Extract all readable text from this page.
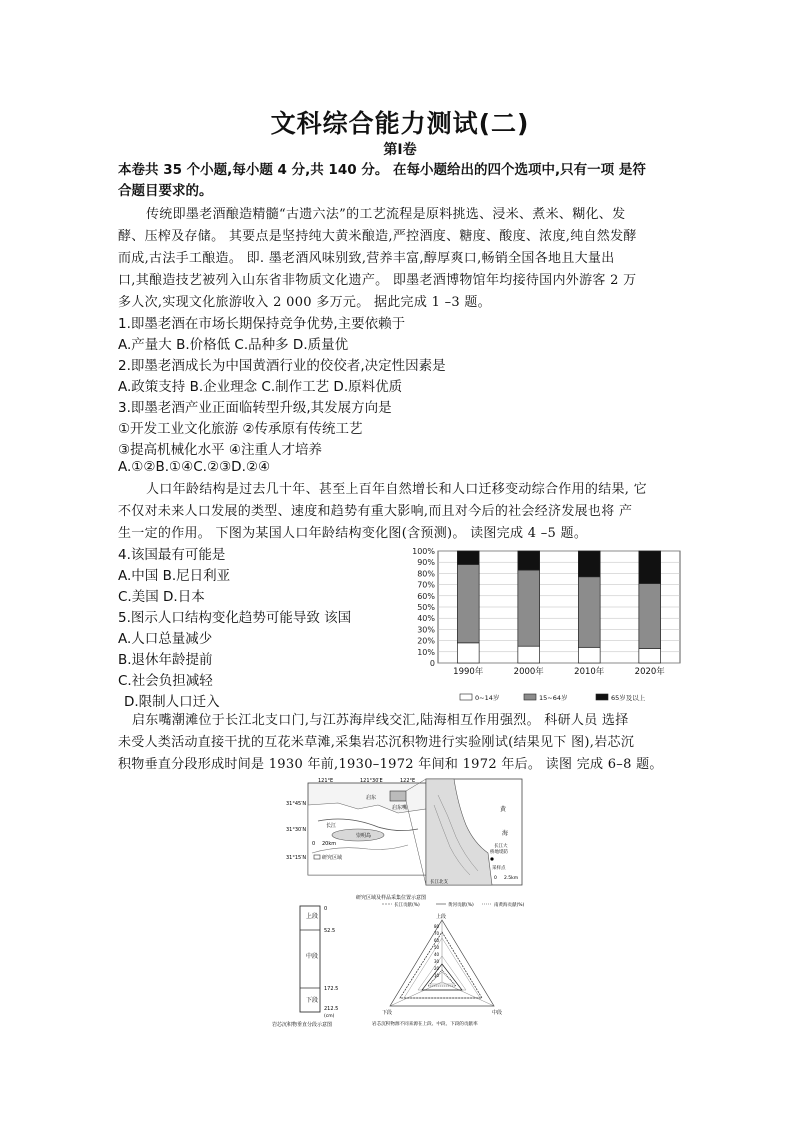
文科综合能力测试(二)
第Ⅰ卷
本卷共 35 个小题,每小题 4 分,共 140 分。 在每小题给出的四个选项中,只有一项 是符
合题目要求的。
传统即墨老酒酿造精髓“古遗六法”的工艺流程是原料挑选、浸米、煮米、糊化、发
酵、压榨及存储。 其要点是坚持纯大黄米酿造,严控酒度、糖度、酸度、浓度,纯自然发酵
而成,古法手工酿造。 即. 墨老酒风味别致,营养丰富,醇厚爽口,畅销全国各地且大量出
口,其酿造技艺被列入山东省非物质文化遗产。 即墨老酒博物馆年均接待国内外游客 2 万
多人次,实现文化旅游收入 2 000 多万元。 据此完成 1 –3 题。
1.即墨老酒在市场长期保持竞争优势,主要依赖于
A.产量大 B.价格低 C.品种多 D.质量优
2.即墨老酒成长为中国黄酒行业的佼佼者,决定性因素是
A.政策支持 B.企业理念 C.制作工艺 D.原料优质
3.即墨老酒产业正面临转型升级,其发展方向是
①开发工业文化旅游 ②传承原有传统工艺
③提高机械化水平 ④注重人才培养
A.①②B.①④C.②③D.②④
人口年龄结构是过去几十年、甚至上百年自然增长和人口迁移变动综合作用的结果, 它
不仅对未来人口发展的类型、速度和趋势有重大影响,而且对今后的社会经济发展也将 产
生一定的作用。 下图为某国人口年龄结构变化图(含预测)。 读图完成 4 –5 题。
4.该国最有可能是
A.中国 B.尼日利亚
C.美国 D.日本
5.图示人口结构变化趋势可能导致 该国
A.人口总量减少
B.退休年龄提前
C.社会负担减轻
D.限制人口迁入
0
10%
20%
30%
40%
50%
60%
70%
80%
90%
100%
1990年	2000年	2010年	2020年
0~14岁	15~64岁	65岁及以上
启东嘴潮滩位于长江北支口门,与江苏海岸线交汇,陆海相互作用强烈。 科研人员 选择
未受人类活动直接干扰的互花米草滩,采集岩芯沉积物进行实验刚试(结果见下 图),岩芯沉
积物垂直分段形成时间是 1930 年前,1930–1972 年间和 1972 年后。 读图 完成 6–8 题。
31°45′N
31°30′N
31°15′N
121°E	121°30′E	122°E
启东
崇明岛
长江
启东嘴
0 20km
研究区域
黄
海
长江大
桥地堤防
采样点
长江北支
0 2.5km
研究区域及样品采集位置示意图
上段
中段
下段
0
52.5
172.5
212.5
(cm)
岩芯沉积物垂直分段示意图
长江贡献(%)	黄河贡献(%)	南黄海贡献(%)
上段
中段
下段
80
70
60
50
40
30
20
10
岩芯沉积物源不同来源在上段、中段、下段的贡献率
